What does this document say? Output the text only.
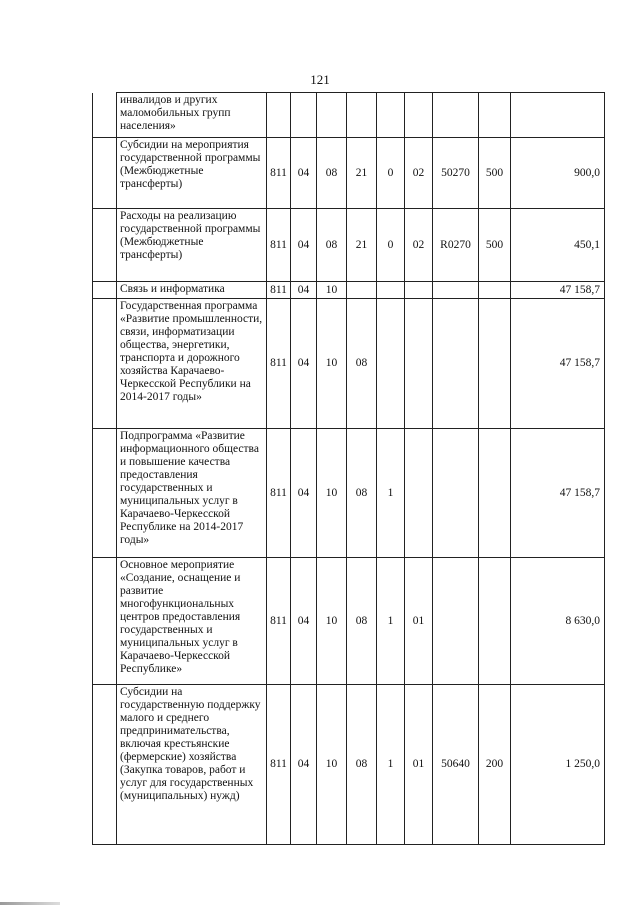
121
	инвалидов и других маломобильных групп населения»									
	Субсидии на мероприятия государственной программы (Межбюджетные трансферты)	811	04	08	21	0	02	50270	500	900,0
	Расходы на реализацию государственной программы (Межбюджетные трансферты)	811	04	08	21	0	02	R0270	500	450,1
	Связь и информатика	811	04	10						47 158,7
	Государственная программа «Развитие промышленности, связи, информатизации общества, энергетики, транспорта и дорожного хозяйства Карачаево-Черкесской Республики на 2014-2017 годы»	811	04	10	08					47 158,7
	Подпрограмма «Развитие информационного общества и повышение качества предоставления государственных и муниципальных услуг в Карачаево-Черкесской Республике на 2014-2017 годы»	811	04	10	08	1				47 158,7
	Основное мероприятие «Создание, оснащение и развитие многофункциональных центров предоставления государственных и муниципальных услуг в Карачаево-Черкесской Республике»	811	04	10	08	1	01			8 630,0
	Субсидии на государственную поддержку малого и среднего предпринимательства, включая крестьянские (фермерские) хозяйства (Закупка товаров, работ и услуг для государственных (муниципальных) нужд)	811	04	10	08	1	01	50640	200	1 250,0
